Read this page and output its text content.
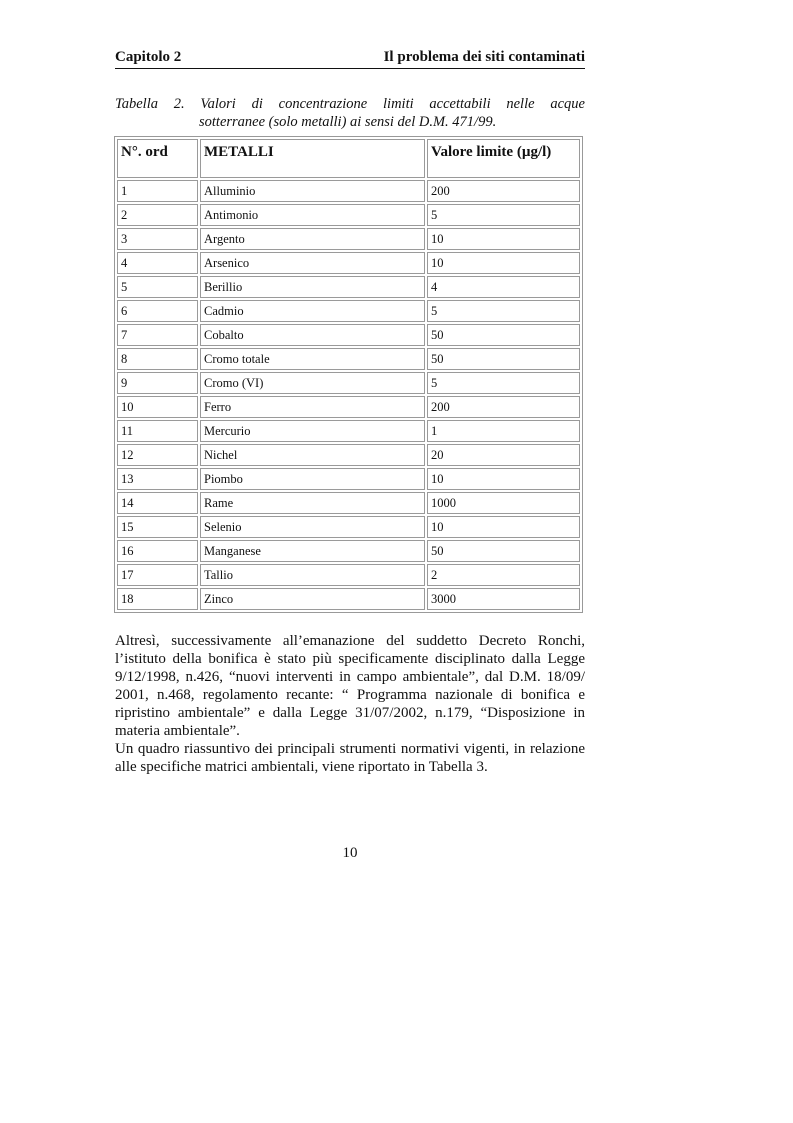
Capitolo 2	Il problema dei siti contaminati
Tabella 2. Valori di concentrazione limiti accettabili nelle acque
sotterranee (solo metalli) ai sensi del D.M. 471/99.
N°. ord	METALLI	Valore limite (µg/l)
1	Alluminio	200
2	Antimonio	5
3	Argento	10
4	Arsenico	10
5	Berillio	4
6	Cadmio	5
7	Cobalto	50
8	Cromo totale	50
9	Cromo (VI)	5
10	Ferro	200
11	Mercurio	1
12	Nichel	20
13	Piombo	10
14	Rame	1000
15	Selenio	10
16	Manganese	50
17	Tallio	2
18	Zinco	3000

Altresì, successivamente all’emanazione del suddetto Decreto Ronchi, l’istituto della bonifica è stato più specificamente disciplinato dalla Legge 9/12/1998, n.426, “nuovi interventi in campo ambientale”, dal D.M. 18/09/ 2001, n.468, regolamento recante: “ Programma nazionale di bonifica e ripristino ambientale” e dalla Legge 31/07/2002, n.179, “Disposizione in materia ambientale”.

Un quadro riassuntivo dei principali strumenti normativi vigenti, in relazione alle specifiche matrici ambientali, viene riportato in Tabella 3.

10
